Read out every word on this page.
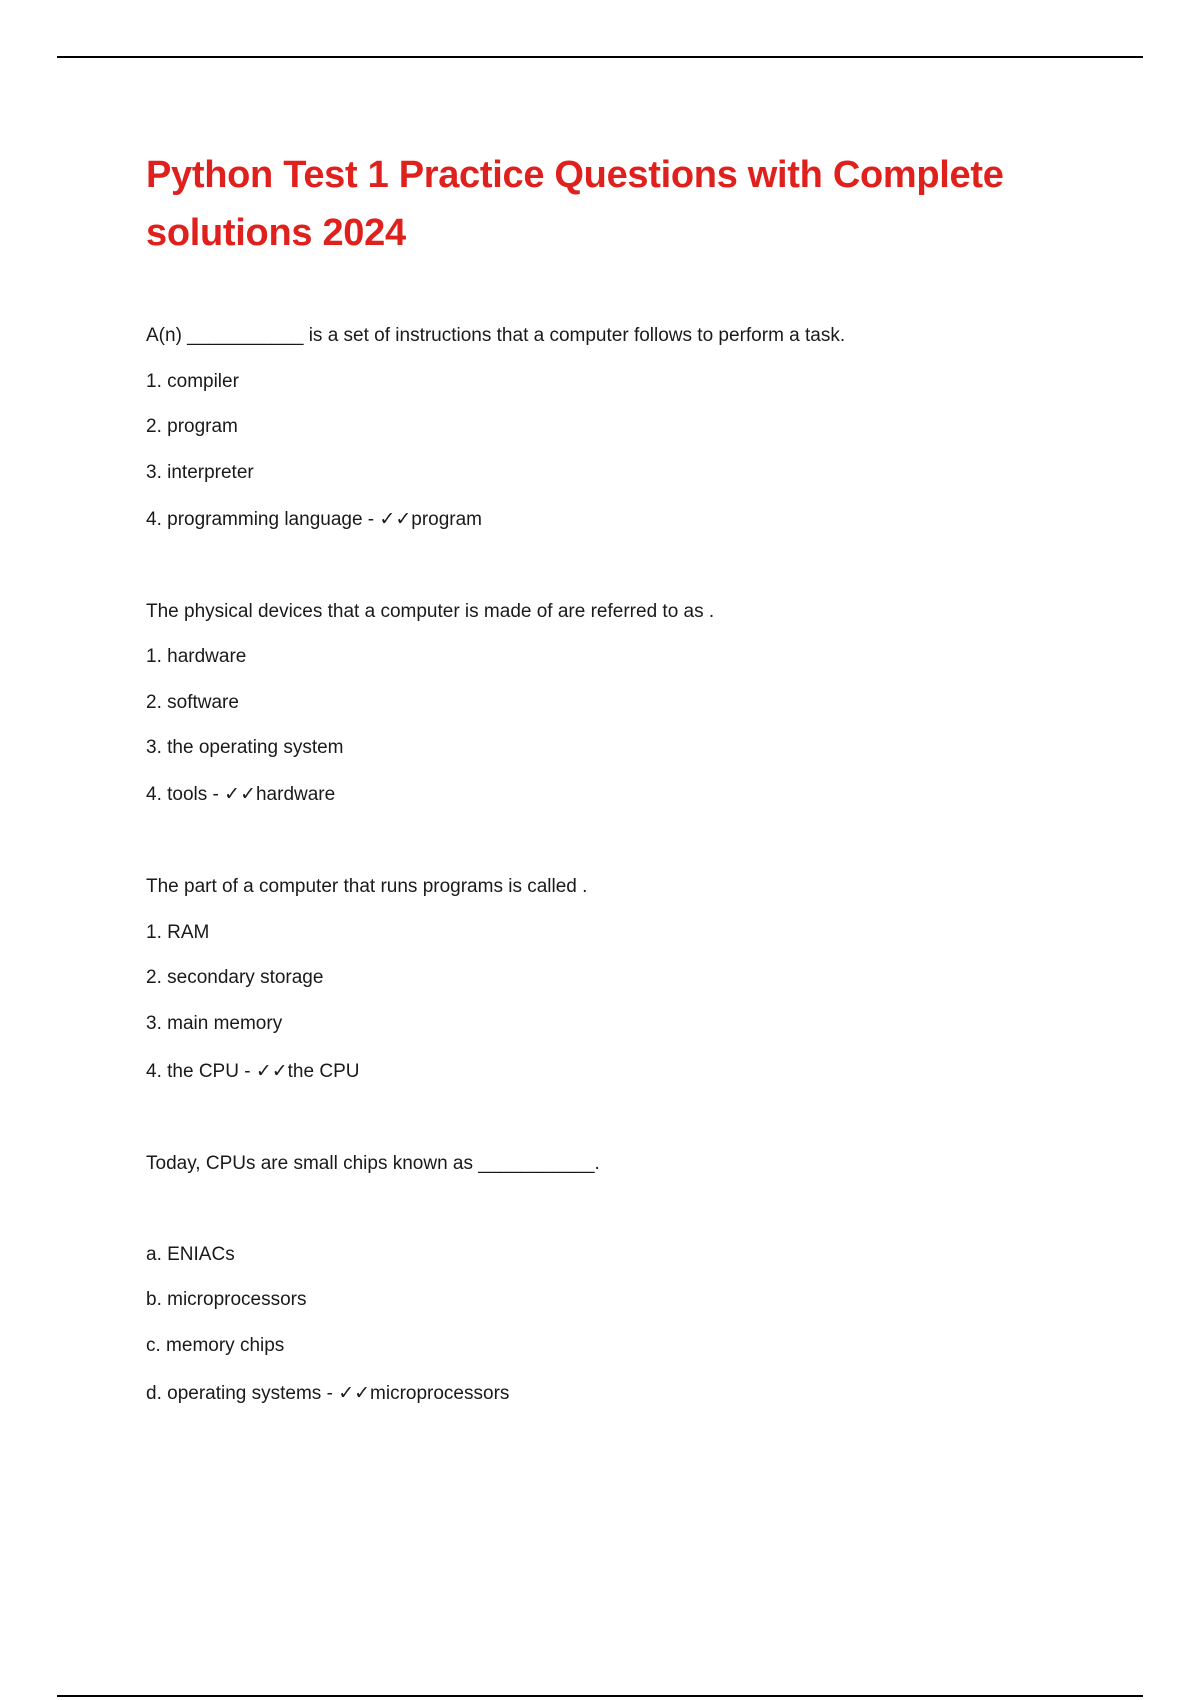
Python Test 1 Practice Questions with Complete solutions 2024

A(n) ___________ is a set of instructions that a computer follows to perform a task.

1. compiler

2. program

3. interpreter

4. programming language - ✓✓program

The physical devices that a computer is made of are referred to as .

1. hardware

2. software

3. the operating system

4. tools - ✓✓hardware

The part of a computer that runs programs is called .

1. RAM

2. secondary storage

3. main memory

4. the CPU - ✓✓the CPU

Today, CPUs are small chips known as ___________.

a. ENIACs

b. microprocessors

c. memory chips

d. operating systems - ✓✓microprocessors
